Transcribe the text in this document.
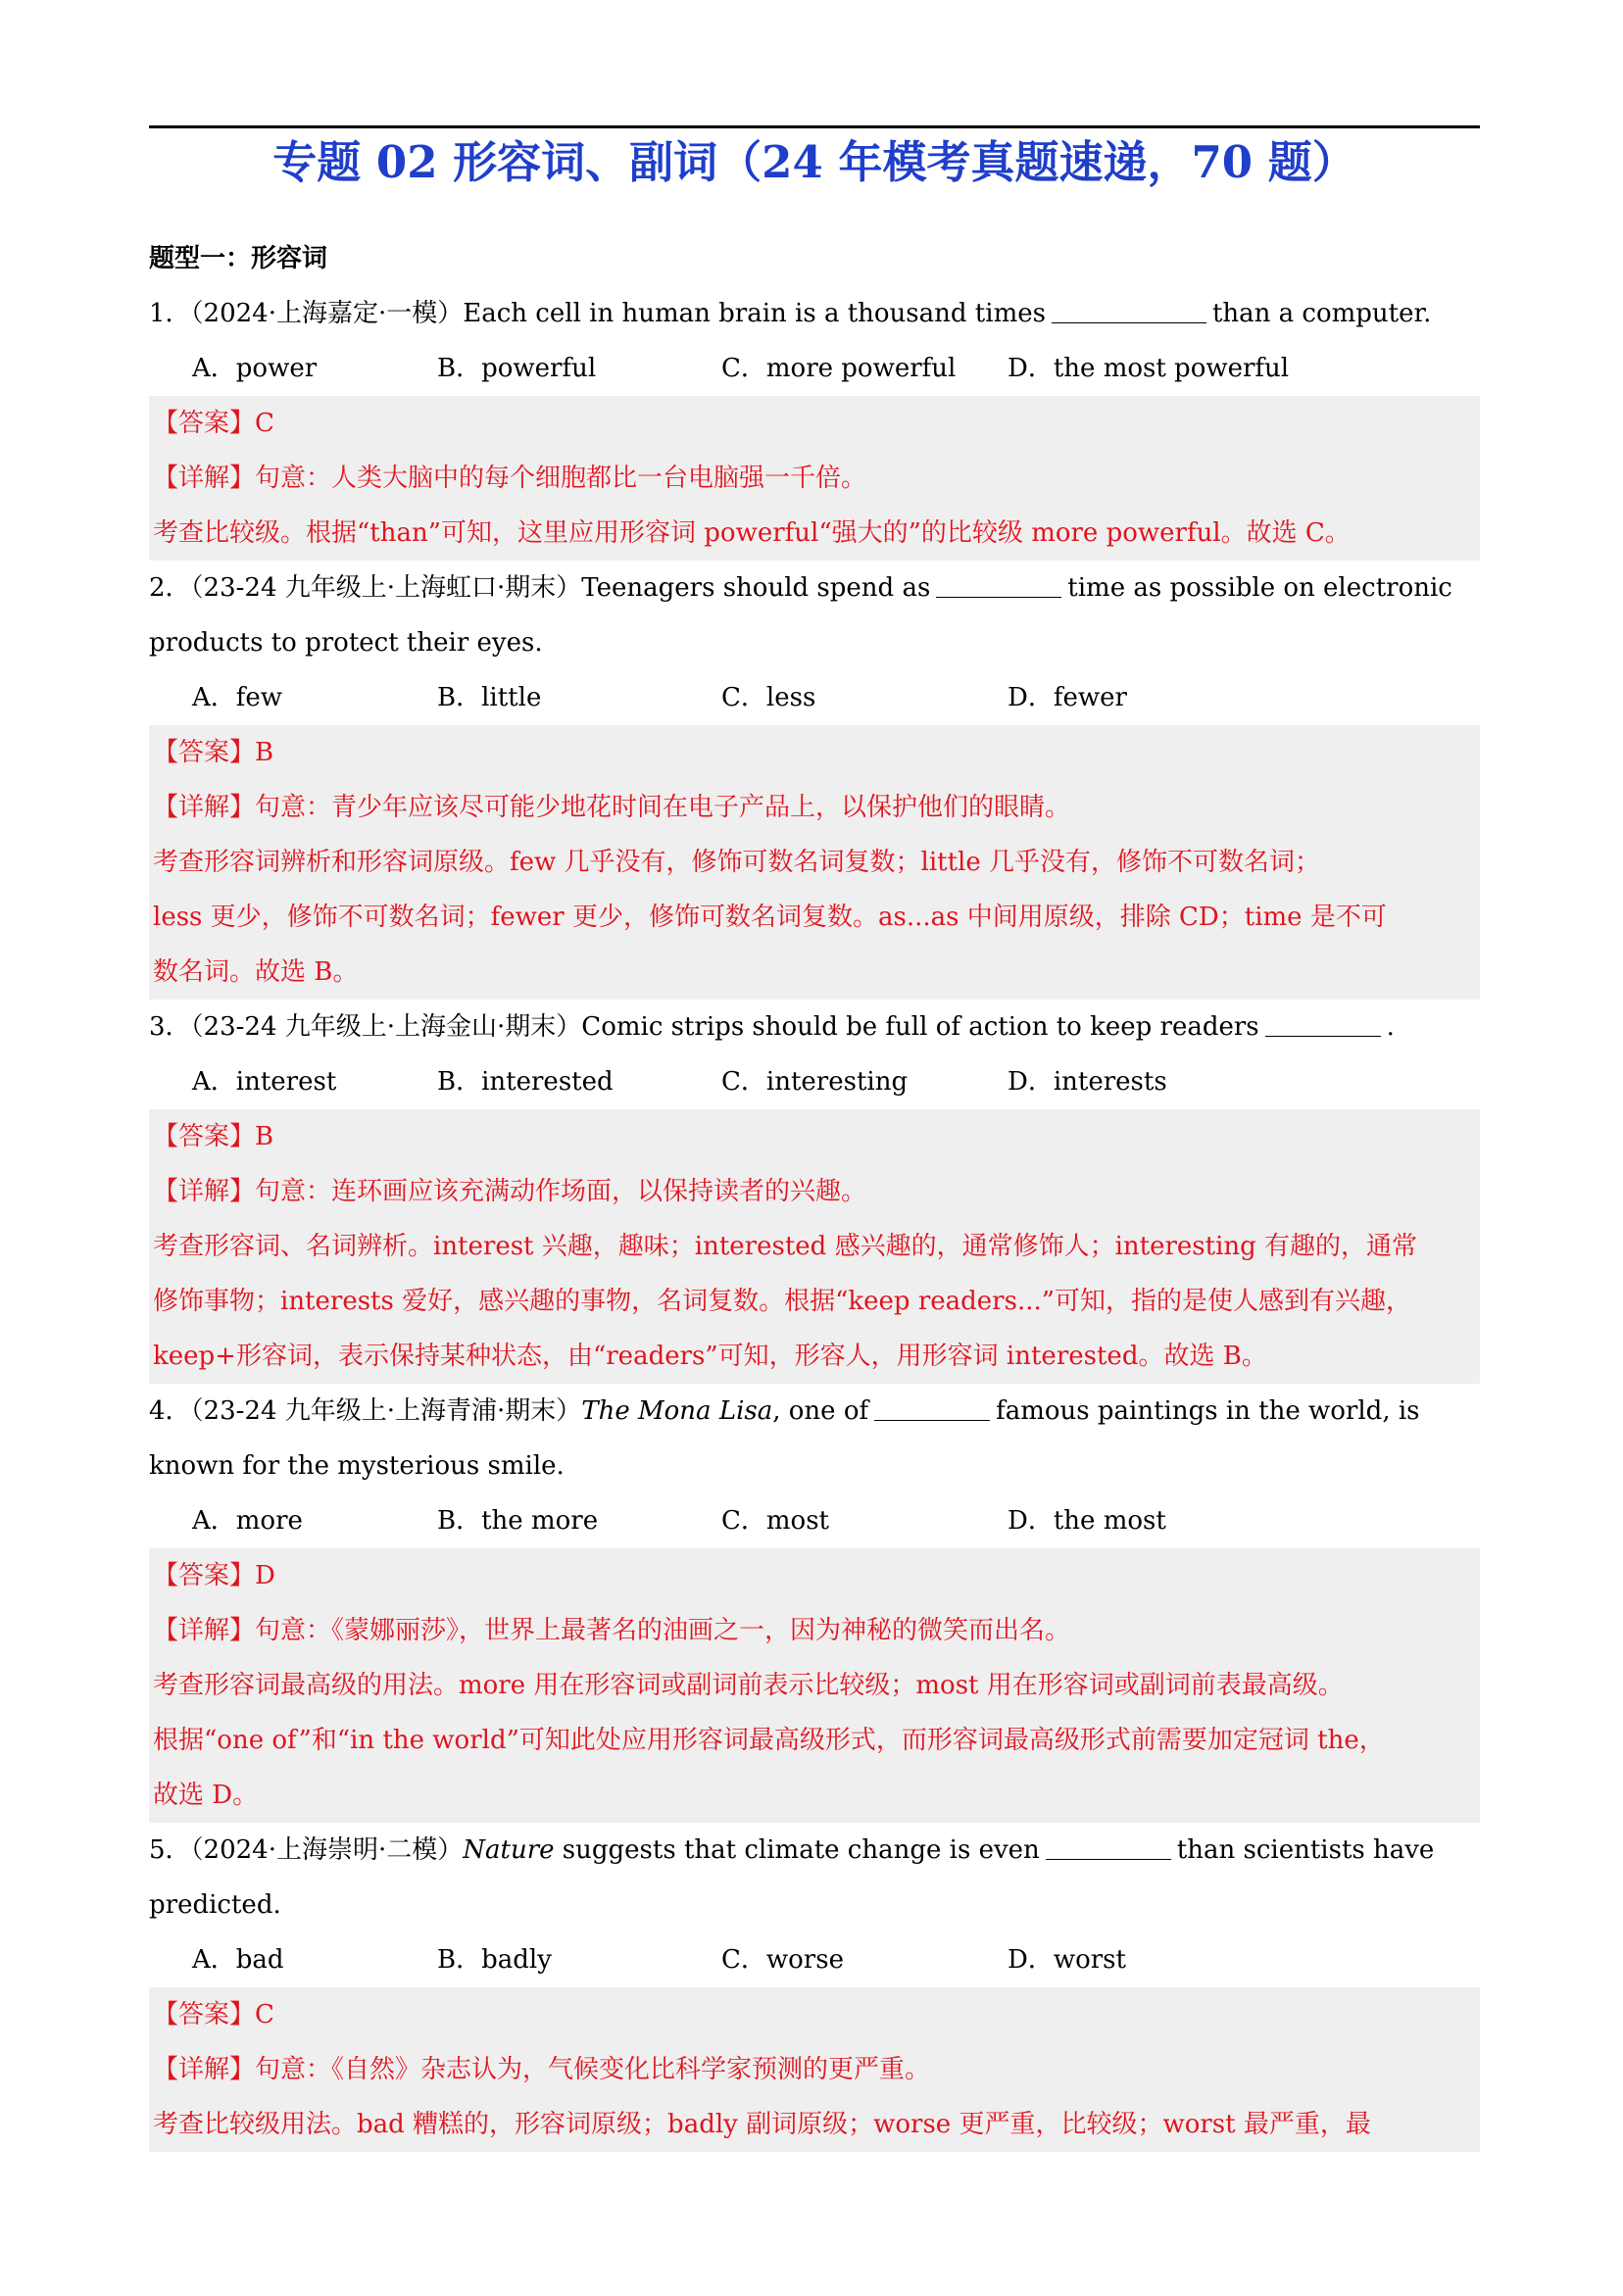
专题 02 形容词、副词（24 年模考真题速递，70 题）
题型一：形容词
1．（2024·上海嘉定·一模）Each cell in human brain is a thousand times	than a computer.
A．power	B．powerful	C．more powerful D．the most powerful
【答案】C
【详解】句意：人类大脑中的每个细胞都比一台电脑强一千倍。
考查比较级。根据“than”可知，这里应用形容词 powerful“强大的”的比较级 more powerful。故选 C。
2．（23-24 九年级上·上海虹口·期末）Teenagers should spend as	time as possible on electronic
products to protect their eyes.
A．few	B．little	C．less	D．fewer
【答案】B
【详解】句意：青少年应该尽可能少地花时间在电子产品上，以保护他们的眼睛。
考查形容词辨析和形容词原级。few 几乎没有，修饰可数名词复数；little 几乎没有，修饰不可数名词；
less 更少，修饰不可数名词；fewer 更少，修饰可数名词复数。as...as 中间用原级，排除 CD；time 是不可
数名词。故选 B。
3．（23-24 九年级上·上海金山·期末）Comic strips should be full of action to keep readers	.
A．interest	B．interested	C．interesting	D．interests
【答案】B
【详解】句意：连环画应该充满动作场面，以保持读者的兴趣。
考查形容词、名词辨析。interest 兴趣，趣味；interested 感兴趣的，通常修饰人；interesting 有趣的，通常
修饰事物；interests 爱好，感兴趣的事物，名词复数。根据“keep readers...”可知，指的是使人感到有兴趣，
keep+形容词，表示保持某种状态，由“readers”可知，形容人，用形容词 interested。故选 B。
4．（23-24 九年级上·上海青浦·期末）The Mona Lisa, one of	famous paintings in the world, is
known for the mysterious smile.
A．more	B．the more	C．most	D．the most
【答案】D
【详解】句意：《蒙娜丽莎》，世界上最著名的油画之一，因为神秘的微笑而出名。
考查形容词最高级的用法。more 用在形容词或副词前表示比较级；most 用在形容词或副词前表最高级。
根据“one of”和“in the world”可知此处应用形容词最高级形式，而形容词最高级形式前需要加定冠词 the，
故选 D。
5．（2024·上海崇明·二模）Nature suggests that climate change is even	than scientists have
predicted.
A．bad	B．badly	C．worse	D．worst
【答案】C
【详解】句意：《自然》杂志认为，气候变化比科学家预测的更严重。
考查比较级用法。bad 糟糕的，形容词原级；badly 副词原级；worse 更严重，比较级；worst 最严重，最
